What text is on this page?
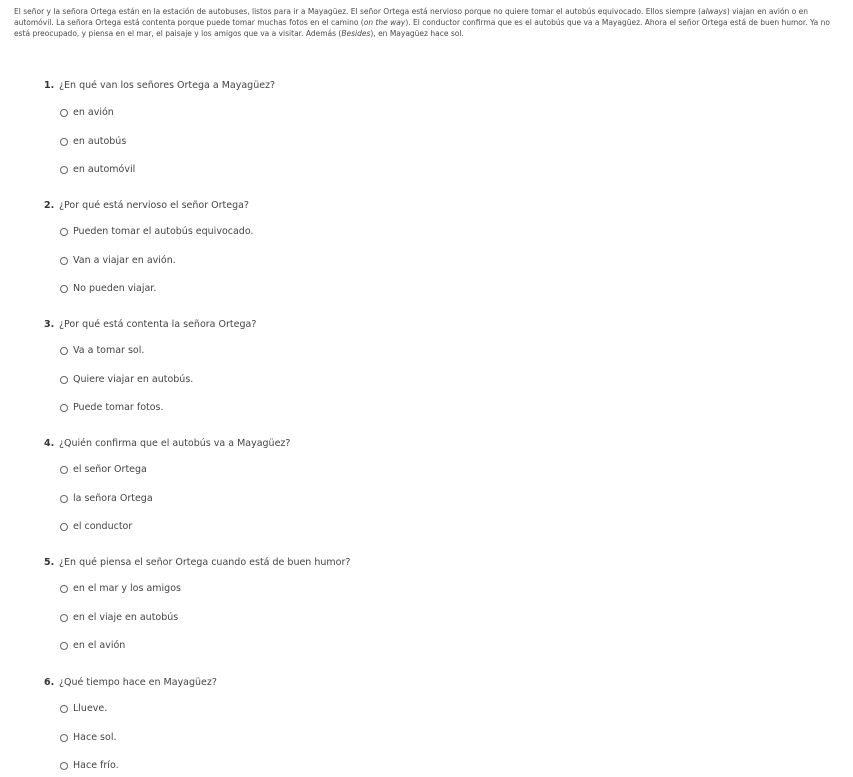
El señor y la señora Ortega están en la estación de autobuses, listos para ir a Mayagüez. El señor Ortega está nervioso porque no quiere tomar el autobús equivocado. Ellos siempre (always) viajan en avión o en automóvil. La señora Ortega está contenta porque puede tomar muchas fotos en el camino (on the way). El conductor confirma que es el autobús que va a Mayagüez. Ahora el señor Ortega está de buen humor. Ya no está preocupado, y piensa en el mar, el paisaje y los amigos que va a visitar. Además (Besides), en Mayagüez hace sol.

1. ¿En qué van los señores Ortega a Mayagüez?
en avión
en autobús
en automóvil
2. ¿Por qué está nervioso el señor Ortega?
Pueden tomar el autobús equivocado.
Van a viajar en avión.
No pueden viajar.
3. ¿Por qué está contenta la señora Ortega?
Va a tomar sol.
Quiere viajar en autobús.
Puede tomar fotos.
4. ¿Quién confirma que el autobús va a Mayagüez?
el señor Ortega
la señora Ortega
el conductor
5. ¿En qué piensa el señor Ortega cuando está de buen humor?
en el mar y los amigos
en el viaje en autobús
en el avión
6. ¿Qué tiempo hace en Mayagüez?
Llueve.
Hace sol.
Hace frío.
